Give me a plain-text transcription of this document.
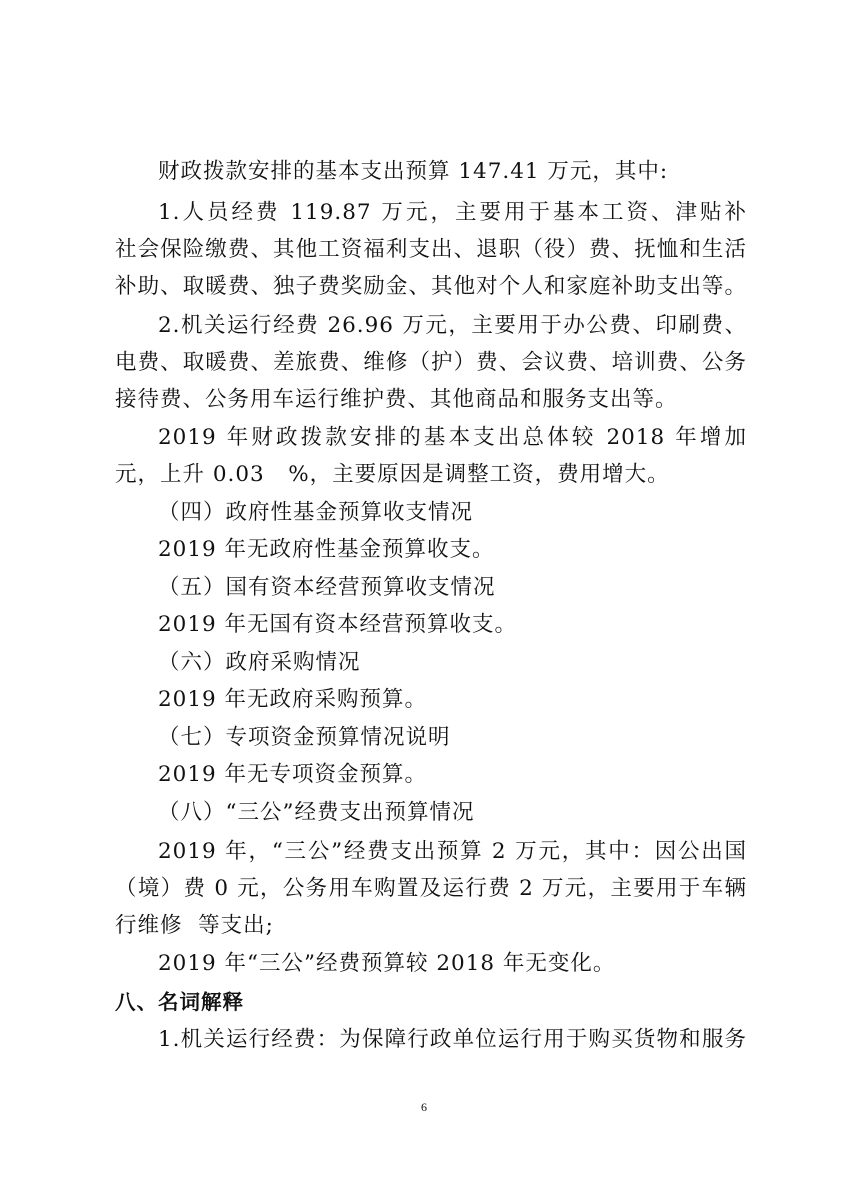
财政拨款安排的基本支出预算 147.41 万元，其中:

1.人员经费 119.87 万元，主要用于基本工资、津贴补

社会保险缴费、其他工资福利支出、退职（役）费、抚恤和生活

补助、取暖费、独子费奖励金、其他对个人和家庭补助支出等。

2.机关运行经费 26.96 万元，主要用于办公费、印刷费、

电费、取暖费、差旅费、维修（护）费、会议费、培训费、公务

接待费、公务用车运行维护费、其他商品和服务支出等。

2019 年财政拨款安排的基本支出总体较 2018 年增加

元，上升 0.03   %，主要原因是调整工资，费用增大。

（四）政府性基金预算收支情况

2019 年无政府性基金预算收支。

（五）国有资本经营预算收支情况

2019 年无国有资本经营预算收支。

（六）政府采购情况

2019 年无政府采购预算。

（七）专项资金预算情况说明

2019 年无专项资金预算。

（八）“三公”经费支出预算情况

2019 年，“三公”经费支出预算 2 万元，其中：因公出国

（境）费 0 元，公务用车购置及运行费 2 万元，主要用于车辆

行维修  等支出;

2019 年“三公”经费预算较 2018 年无变化。

八、名词解释

1.机关运行经费：为保障行政单位运行用于购买货物和服务

6
